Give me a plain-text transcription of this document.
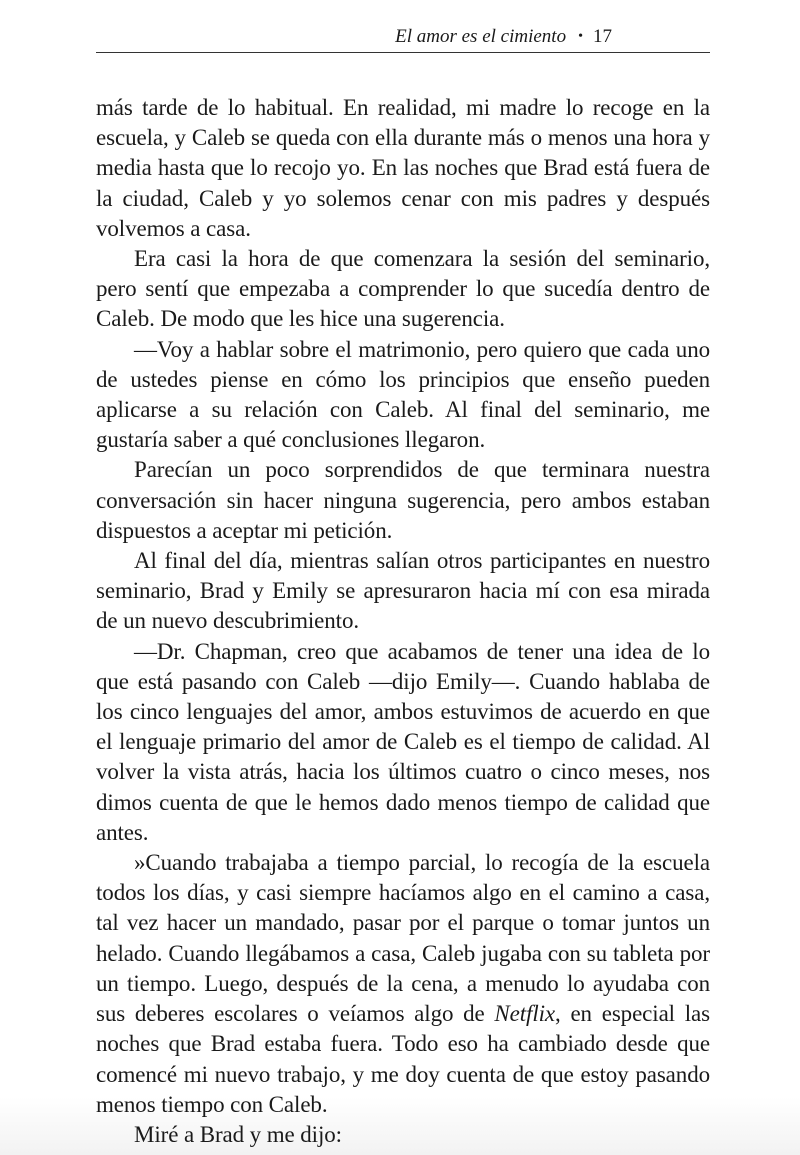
El amor es el cimiento • 17

más tarde de lo habitual. En realidad, mi madre lo recoge en la escuela, y Caleb se queda con ella durante más o menos una hora y media hasta que lo recojo yo. En las noches que Brad está fuera de la ciudad, Caleb y yo solemos cenar con mis padres y después volvemos a casa.

Era casi la hora de que comenzara la sesión del seminario, pero sentí que empezaba a comprender lo que sucedía dentro de Caleb. De modo que les hice una sugerencia.

—Voy a hablar sobre el matrimonio, pero quiero que cada uno de ustedes piense en cómo los principios que enseño pueden aplicarse a su relación con Caleb. Al final del seminario, me gustaría saber a qué conclusiones llegaron.

Parecían un poco sorprendidos de que terminara nuestra conversación sin hacer ninguna sugerencia, pero ambos estaban dispuestos a aceptar mi petición.

Al final del día, mientras salían otros participantes en nuestro seminario, Brad y Emily se apresuraron hacia mí con esa mirada de un nuevo descubrimiento.

—Dr. Chapman, creo que acabamos de tener una idea de lo que está pasando con Caleb —dijo Emily—. Cuando hablaba de los cinco lenguajes del amor, ambos estuvimos de acuerdo en que el lenguaje primario del amor de Caleb es el tiempo de calidad. Al volver la vista atrás, hacia los últimos cuatro o cinco meses, nos dimos cuenta de que le hemos dado menos tiempo de calidad que antes.

»Cuando trabajaba a tiempo parcial, lo recogía de la escuela todos los días, y casi siempre hacíamos algo en el camino a casa, tal vez hacer un mandado, pasar por el parque o tomar juntos un helado. Cuando llegábamos a casa, Caleb jugaba con su tableta por un tiempo. Luego, después de la cena, a menudo lo ayudaba con sus deberes escolares o veíamos algo de Netflix, en especial las noches que Brad estaba fuera. Todo eso ha cambiado desde que comencé mi nuevo trabajo, y me doy cuenta de que estoy pasando menos tiempo con Caleb.

Miré a Brad y me dijo:
